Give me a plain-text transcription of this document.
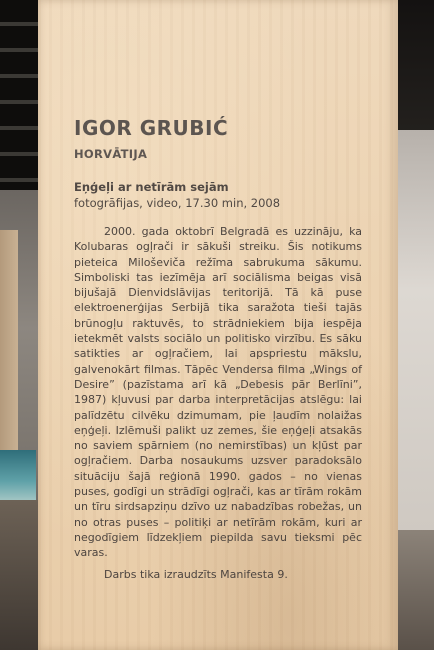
IGOR GRUBIĆ
HORVĀTIJA
Eņģeļi ar netīrām sejām
fotogrāfijas, video, 17.30 min, 2008

2000. gada oktobrī Belgradā es uzzināju, ka Kolubaras ogļrači ir sākuši streiku. Šis notikums pieteica Miloševiča režīma sabrukuma sākumu. Simboliski tas iezīmēja arī sociālisma beigas visā bijušajā Dienvidslāvijas teritorijā. Tā kā puse elektroenerģijas Serbijā tika saražota tieši tajās brūnogļu raktuvēs, to strādniekiem bija iespēja ietekmēt valsts sociālo un politisko virzību. Es sāku satikties ar ogļračiem, lai apspriestu mākslu, galvenokārt filmas. Tāpēc Vendersa filma „Wings of Desire” (pazīstama arī kā „Debesis pār Berlīni”, 1987) kļuvusi par darba interpretācijas atslēgu: lai palīdzētu cilvēku dzimumam, pie ļaudīm nolaižas eņģeļi. Izlēmuši palikt uz zemes, šie eņģeļi atsakās no saviem spārniem (no nemirstības) un kļūst par ogļračiem. Darba nosaukums uzsver paradoksālo situāciju šajā reģionā 1990. gados – no vienas puses, godīgi un strādīgi ogļrači, kas ar tīrām rokām un tīru sirdsapziņu dzīvo uz nabadzības robežas, un no otras puses – politiķi ar netīrām rokām, kuri ar negodīgiem līdzekļiem piepilda savu tieksmi pēc varas.

Darbs tika izraudzīts Manifesta 9.
